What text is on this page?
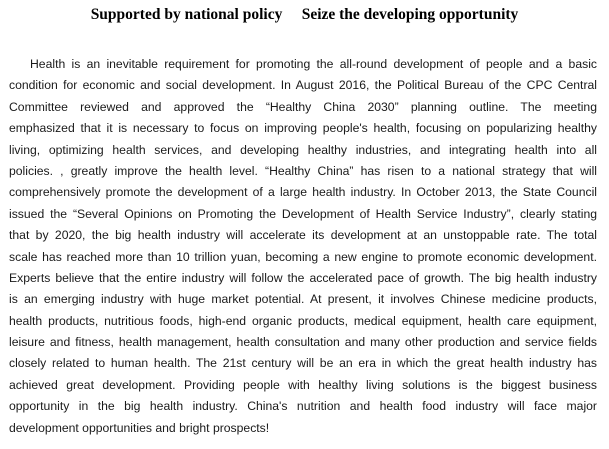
Supported by national policy     Seize the developing opportunity
Health is an inevitable requirement for promoting the all-round development of people and a basic
condition for economic and social development. In August 2016, the Political Bureau of the CPC Central
Committee reviewed and approved the “Healthy China 2030” planning outline. The meeting
emphasized that it is necessary to focus on improving people's health, focusing on popularizing healthy
living, optimizing health services, and developing healthy industries, and integrating health into all
policies. , greatly improve the health level. “Healthy China” has risen to a national strategy that will
comprehensively promote the development of a large health industry. In October 2013, the State Council
issued the “Several Opinions on Promoting the Development of Health Service Industry”, clearly stating
that by 2020, the big health industry will accelerate its development at an unstoppable rate. The total
scale has reached more than 10 trillion yuan, becoming a new engine to promote economic development.
Experts believe that the entire industry will follow the accelerated pace of growth. The big health industry
is an emerging industry with huge market potential. At present, it involves Chinese medicine products,
health products, nutritious foods, high-end organic products, medical equipment, health care equipment,
leisure and fitness, health management, health consultation and many other production and service fields
closely related to human health. The 21st century will be an era in which the great health industry has
achieved great development. Providing people with healthy living solutions is the biggest business
opportunity in the big health industry. China's nutrition and health food industry will face major
development opportunities and bright prospects!
